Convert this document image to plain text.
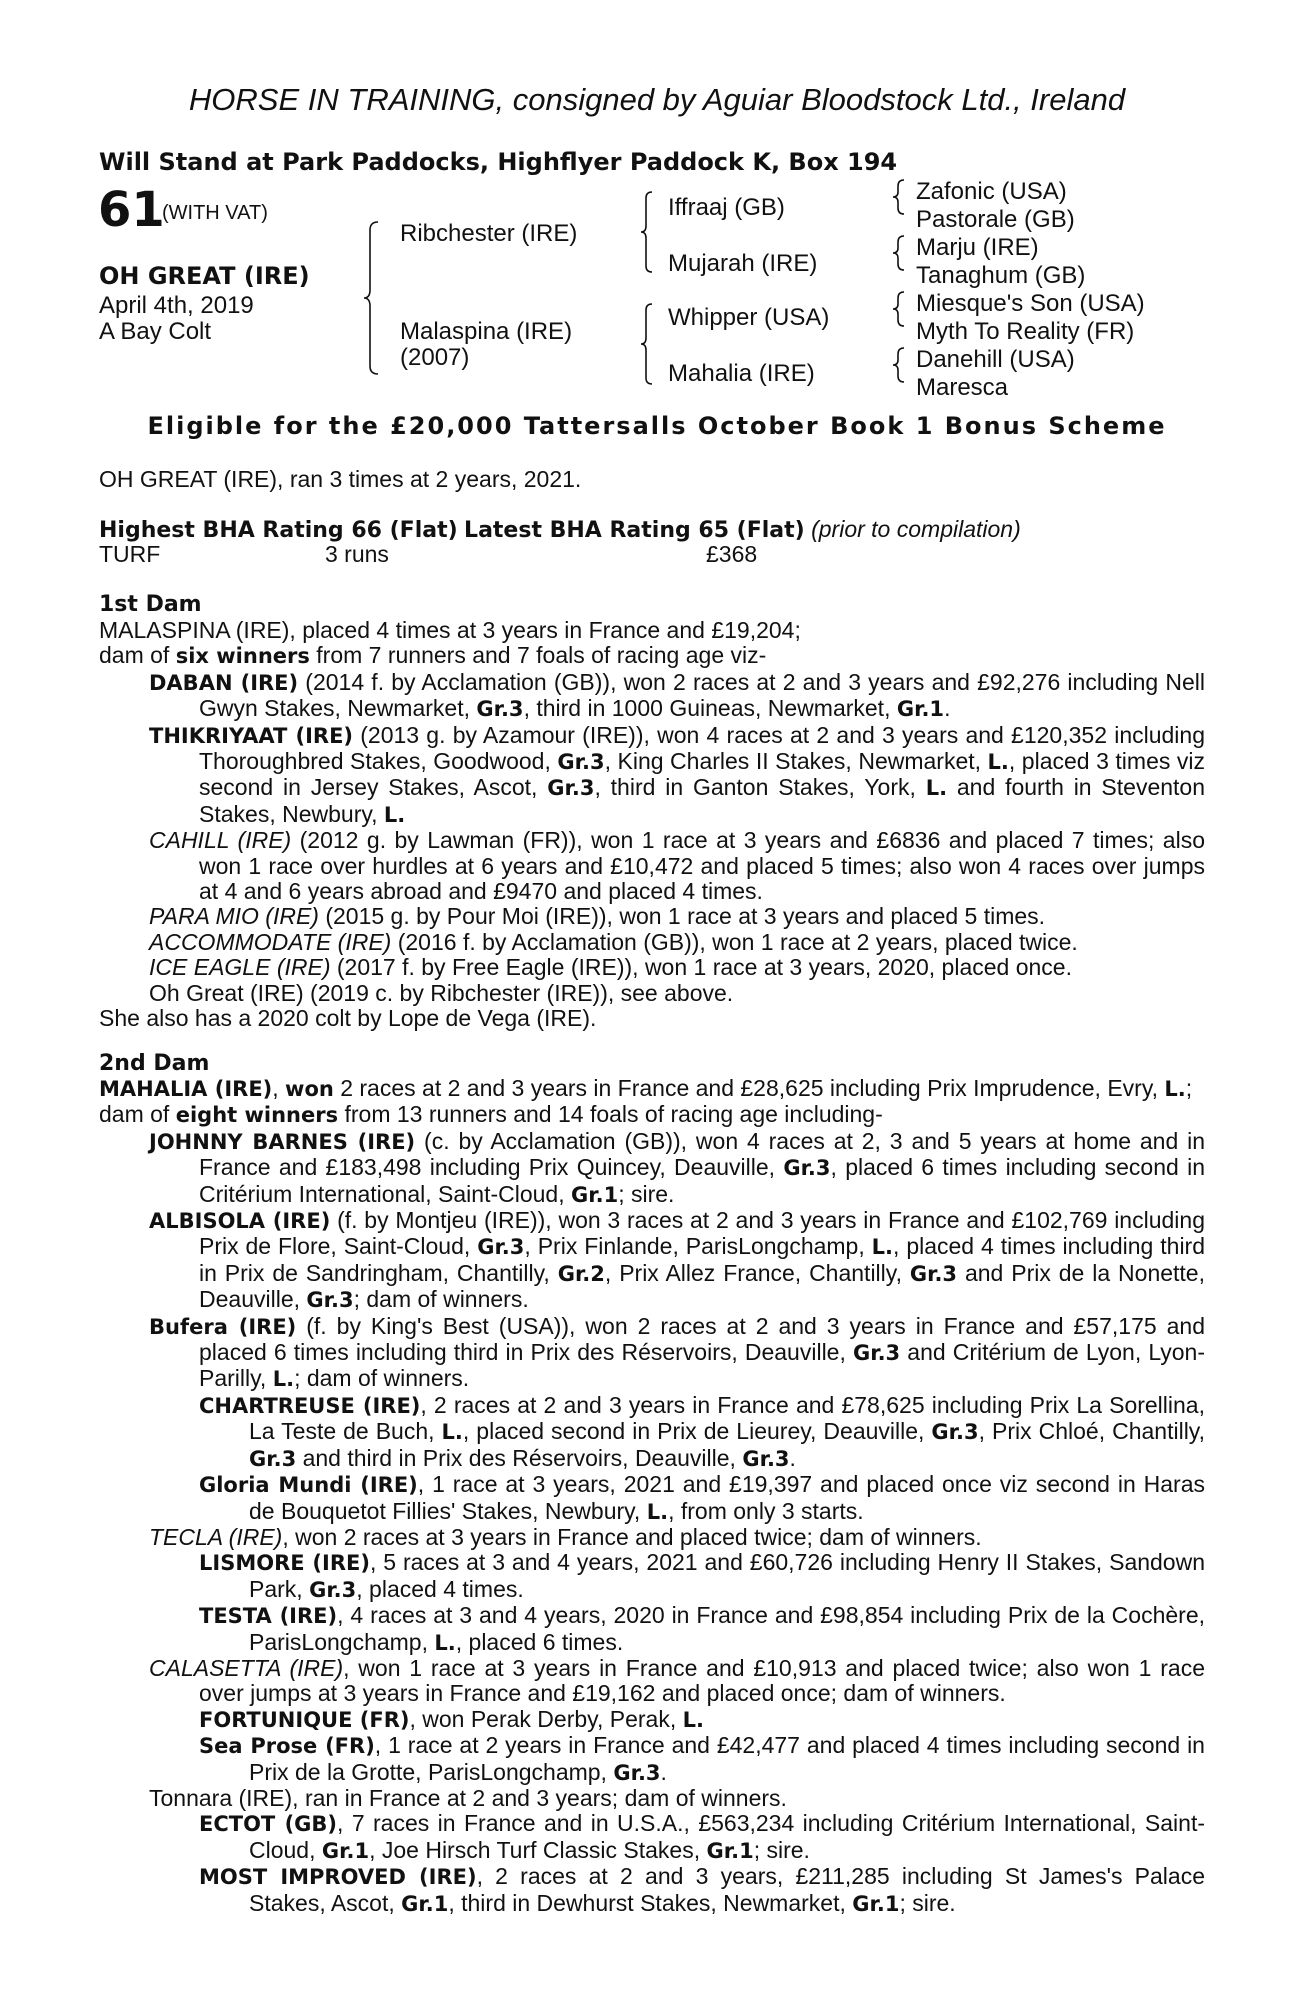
HORSE IN TRAINING, consigned by Aguiar Bloodstock Ltd., Ireland
Will Stand at Park Paddocks, Highflyer Paddock K, Box 194
61
(WITH VAT)
OH GREAT (IRE)
April 4th, 2019
A Bay Colt
Ribchester (IRE)
Malaspina (IRE)
(2007)
Iffraaj (GB)
Mujarah (IRE)
Whipper (USA)
Mahalia (IRE)
Zafonic (USA)
Pastorale (GB)
Marju (IRE)
Tanaghum (GB)
Miesque's Son (USA)
Myth To Reality (FR)
Danehill (USA)
Maresca
Eligible for the £20,000 Tattersalls October Book 1 Bonus Scheme
OH GREAT (IRE), ran 3 times at 2 years, 2021.
Highest BHA Rating 66 (Flat) Latest BHA Rating 65 (Flat) (prior to compilation)
TURF	3 runs	£368
1st Dam

MALASPINA (IRE), placed 4 times at 3 years in France and £19,204;

dam of six winners from 7 runners and 7 foals of racing age viz-

DABAN (IRE) (2014 f. by Acclamation (GB)), won 2 races at 2 and 3 years and £92,276 including Nell Gwyn Stakes, Newmarket, Gr.3, third in 1000 Guineas, Newmarket, Gr.1.

THIKRIYAAT (IRE) (2013 g. by Azamour (IRE)), won 4 races at 2 and 3 years and £120,352 including Thoroughbred Stakes, Goodwood, Gr.3, King Charles II Stakes, Newmarket, L., placed 3 times viz second in Jersey Stakes, Ascot, Gr.3, third in Ganton Stakes, York, L. and fourth in Steventon Stakes, Newbury, L.

CAHILL (IRE) (2012 g. by Lawman (FR)), won 1 race at 3 years and £6836 and placed 7 times; also won 1 race over hurdles at 6 years and £10,472 and placed 5 times; also won 4 races over jumps at 4 and 6 years abroad and £9470 and placed 4 times.

PARA MIO (IRE) (2015 g. by Pour Moi (IRE)), won 1 race at 3 years and placed 5 times.

ACCOMMODATE (IRE) (2016 f. by Acclamation (GB)), won 1 race at 2 years, placed twice.

ICE EAGLE (IRE) (2017 f. by Free Eagle (IRE)), won 1 race at 3 years, 2020, placed once.

Oh Great (IRE) (2019 c. by Ribchester (IRE)), see above.

She also has a 2020 colt by Lope de Vega (IRE).

2nd Dam

MAHALIA (IRE), won 2 races at 2 and 3 years in France and £28,625 including Prix Imprudence, Evry, L.;

dam of eight winners from 13 runners and 14 foals of racing age including-

JOHNNY BARNES (IRE) (c. by Acclamation (GB)), won 4 races at 2, 3 and 5 years at home and in France and £183,498 including Prix Quincey, Deauville, Gr.3, placed 6 times including second in Critérium International, Saint-Cloud, Gr.1; sire.

ALBISOLA (IRE) (f. by Montjeu (IRE)), won 3 races at 2 and 3 years in France and £102,769 including Prix de Flore, Saint-Cloud, Gr.3, Prix Finlande, ParisLongchamp, L., placed 4 times including third in Prix de Sandringham, Chantilly, Gr.2, Prix Allez France, Chantilly, Gr.3 and Prix de la Nonette, Deauville, Gr.3; dam of winners.

Bufera (IRE) (f. by King's Best (USA)), won 2 races at 2 and 3 years in France and £57,175 and placed 6 times including third in Prix des Réservoirs, Deauville, Gr.3 and Critérium de Lyon, Lyon-Parilly, L.; dam of winners.

CHARTREUSE (IRE), 2 races at 2 and 3 years in France and £78,625 including Prix La Sorellina, La Teste de Buch, L., placed second in Prix de Lieurey, Deauville, Gr.3, Prix Chloé, Chantilly, Gr.3 and third in Prix des Réservoirs, Deauville, Gr.3.

Gloria Mundi (IRE), 1 race at 3 years, 2021 and £19,397 and placed once viz second in Haras de Bouquetot Fillies' Stakes, Newbury, L., from only 3 starts.

TECLA (IRE), won 2 races at 3 years in France and placed twice; dam of winners.

LISMORE (IRE), 5 races at 3 and 4 years, 2021 and £60,726 including Henry II Stakes, Sandown Park, Gr.3, placed 4 times.

TESTA (IRE), 4 races at 3 and 4 years, 2020 in France and £98,854 including Prix de la Cochère, ParisLongchamp, L., placed 6 times.

CALASETTA (IRE), won 1 race at 3 years in France and £10,913 and placed twice; also won 1 race over jumps at 3 years in France and £19,162 and placed once; dam of winners.

FORTUNIQUE (FR), won Perak Derby, Perak, L.

Sea Prose (FR), 1 race at 2 years in France and £42,477 and placed 4 times including second in Prix de la Grotte, ParisLongchamp, Gr.3.

Tonnara (IRE), ran in France at 2 and 3 years; dam of winners.

ECTOT (GB), 7 races in France and in U.S.A., £563,234 including Critérium International, Saint-Cloud, Gr.1, Joe Hirsch Turf Classic Stakes, Gr.1; sire.

MOST IMPROVED (IRE), 2 races at 2 and 3 years, £211,285 including St James's Palace Stakes, Ascot, Gr.1, third in Dewhurst Stakes, Newmarket, Gr.1; sire.
